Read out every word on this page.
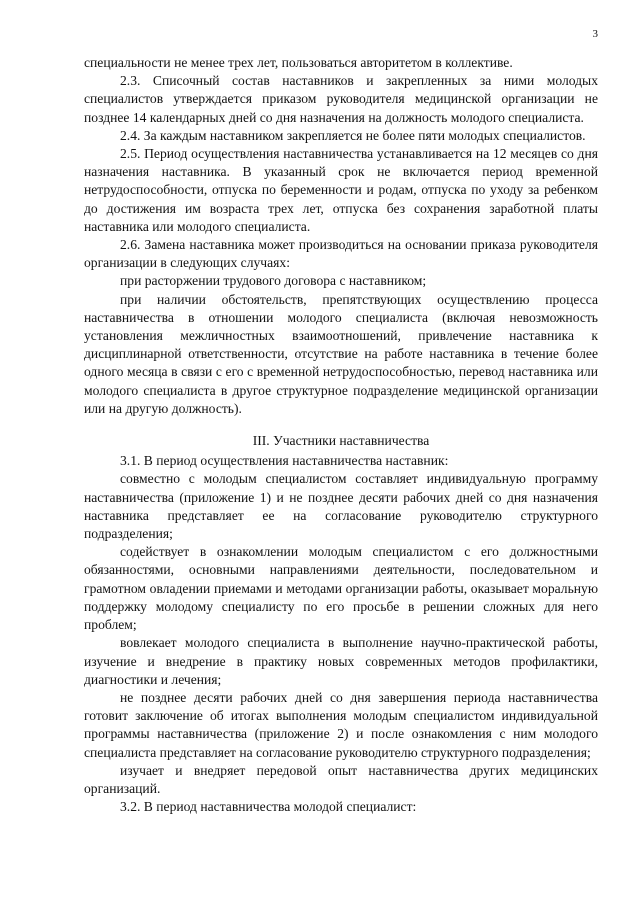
3

специальности не менее трех лет, пользоваться авторитетом в коллективе.

2.3. Списочный состав наставников и закрепленных за ними молодых специалистов утверждается приказом руководителя медицинской организации не позднее 14 календарных дней со дня назначения на должность молодого специалиста.

2.4. За каждым наставником закрепляется не более пяти молодых специалистов.

2.5. Период осуществления наставничества устанавливается на 12 месяцев со дня назначения наставника. В указанный срок не включается период временной нетрудоспособности, отпуска по беременности и родам, отпуска по уходу за ребенком до достижения им возраста трех лет, отпуска без сохранения заработной платы наставника или молодого специалиста.

2.6. Замена наставника может производиться на основании приказа руководителя организации в следующих случаях:

при расторжении трудового договора с наставником;

при наличии обстоятельств, препятствующих осуществлению процесса наставничества в отношении молодого специалиста (включая невозможность установления межличностных взаимоотношений, привлечение наставника к дисциплинарной ответственности, отсутствие на работе наставника в течение более одного месяца в связи с его с временной нетрудоспособностью, перевод наставника или молодого специалиста в другое структурное подразделение медицинской организации или на другую должность).

III. Участники наставничества

3.1. В период осуществления наставничества наставник:

совместно с молодым специалистом составляет индивидуальную программу наставничества (приложение 1) и не позднее десяти рабочих дней со дня назначения наставника представляет ее на согласование руководителю структурного подразделения;

содействует в ознакомлении молодым специалистом с его должностными обязанностями, основными направлениями деятельности, последовательном и грамотном овладении приемами и методами организации работы, оказывает моральную поддержку молодому специалисту по его просьбе в решении сложных для него проблем;

вовлекает молодого специалиста в выполнение научно-практической работы, изучение и внедрение в практику новых современных методов профилактики, диагностики и лечения;

не позднее десяти рабочих дней со дня завершения периода наставничества готовит заключение об итогах выполнения молодым специалистом индивидуальной программы наставничества (приложение 2) и после ознакомления с ним молодого специалиста представляет на согласование руководителю структурного подразделения;

изучает и внедряет передовой опыт наставничества других медицинских организаций.

3.2. В период наставничества молодой специалист:
